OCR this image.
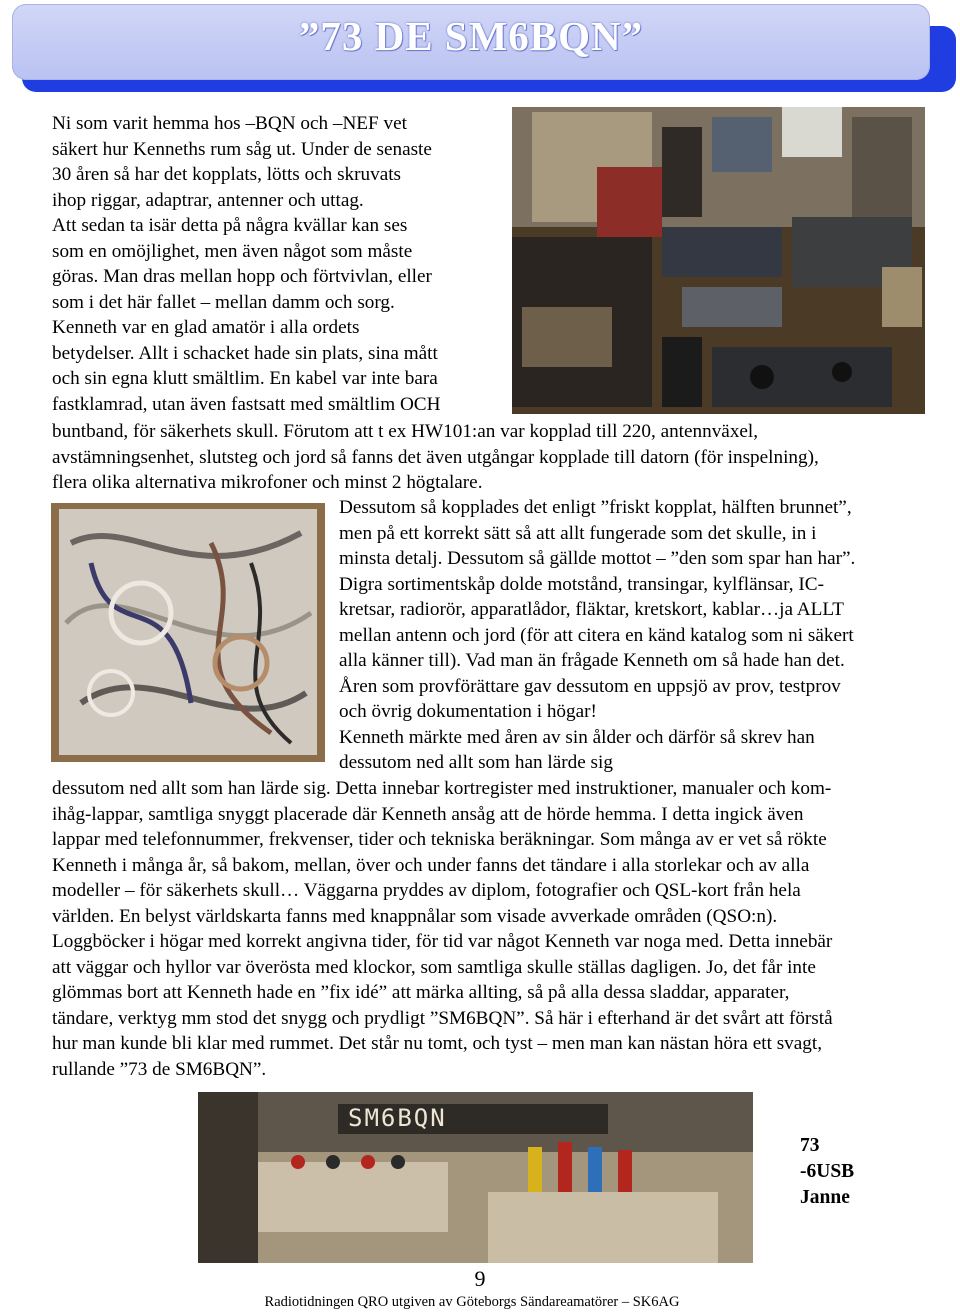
”73 DE SM6BQN”
Ni som varit hemma hos –BQN och –NEF vet
säkert hur Kenneths rum såg ut. Under de senaste
30 åren så har det kopplats, lötts och skruvats
ihop riggar, adaptrar, antenner och uttag.
Att sedan ta isär detta på några kvällar kan ses
som en omöjlighet, men även något som måste
göras. Man dras mellan hopp och förtvivlan, eller
som i det här fallet – mellan damm och sorg.
Kenneth var en glad amatör i alla ordets
betydelser. Allt i schacket hade sin plats, sina mått
och sin egna klutt smältlim. En kabel var inte bara
fastklamrad, utan även fastsatt med smältlim OCH
buntband, för säkerhets skull. Förutom att t ex HW101:an var kopplad till 220, antennväxel,
avstämningsenhet, slutsteg och jord så fanns det även utgångar kopplade till datorn (för inspelning),
flera olika alternativa mikrofoner och minst 2 högtalare.
Dessutom så kopplades det enligt ”friskt kopplat, hälften brunnet”,
men på ett korrekt sätt så att allt fungerade som det skulle, in i
minsta detalj. Dessutom så gällde mottot – ”den som spar han har”.
Digra sortimentskåp dolde motstånd, transingar, kylflänsar, IC-
kretsar, radiorör, apparatlådor, fläktar, kretskort, kablar…ja ALLT
mellan antenn och jord (för att citera en känd katalog som ni säkert
alla känner till). Vad man än frågade Kenneth om så hade han det.
Åren som provförättare gav dessutom en uppsjö av prov, testprov
och övrig dokumentation i högar!
Kenneth märkte med åren av sin ålder och därför så skrev han
dessutom ned allt som han lärde sig
dessutom ned allt som han lärde sig. Detta innebar kortregister med instruktioner, manualer och kom-
ihåg-lappar, samtliga snyggt placerade där Kenneth ansåg att de hörde hemma. I detta ingick även
lappar med telefonnummer, frekvenser, tider och tekniska beräkningar. Som många av er vet så rökte
Kenneth i många år, så bakom, mellan, över och under fanns det tändare i alla storlekar och av alla
modeller – för säkerhets skull… Väggarna pryddes av diplom, fotografier och QSL-kort från hela
världen. En belyst världskarta fanns med knappnålar som visade avverkade områden (QSO:n).
Loggböcker i högar med korrekt angivna tider, för tid var något Kenneth var noga med. Detta innebär
att väggar och hyllor var överösta med klockor, som samtliga skulle ställas dagligen. Jo, det får inte
glömmas bort att Kenneth hade en ”fix idé” att märka allting, så på alla dessa sladdar, apparater,
tändare, verktyg mm stod det snygg och prydligt ”SM6BQN”. Så här i efterhand är det svårt att förstå
hur man kunde bli klar med rummet. Det står nu tomt, och tyst – men man kan nästan höra ett svagt,
rullande ”73 de SM6BQN”.
SM6BQN
73
-6USB
Janne
9
Radiotidningen QRO utgiven av Göteborgs Sändareamatörer – SK6AG
